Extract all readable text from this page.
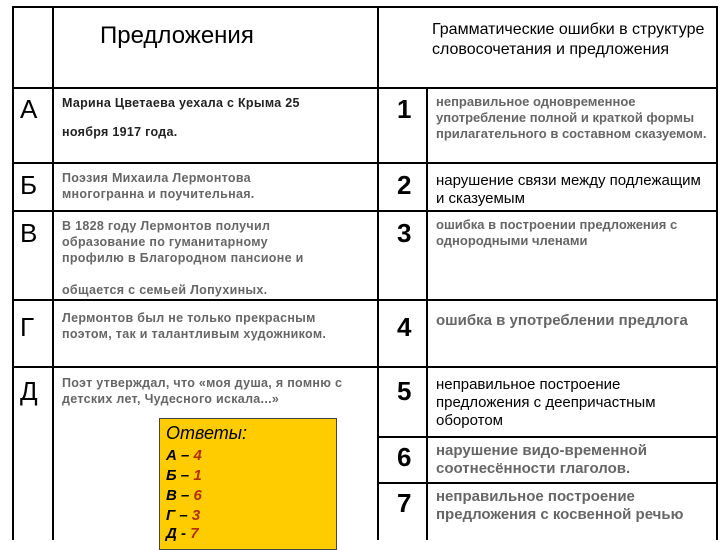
Предложения	Грамматические ошибки в структуре словосочетания и предложения
А
Б
В
Г
Д
Марина Цветаева уехала с Крыма 25
ноября 1917 года.
Поэзия Михаила Лермонтова многогранна и поучительная.
В 1828 году Лермонтов получил образование по гуманитарному профилю в Благородном пансионе и
общается с семьей Лопухиных.
Лермонтов был не только прекрасным поэтом, так и талантливым художником.
Поэт утверждал, что «моя душа, я помню с детских лет, Чудесного искала...»
1
2
3
4
5
6
7
неправильное одновременное употребление полной и краткой формы прилагательного в составном сказуемом.
нарушение связи между подлежащим и сказуемым
ошибка в построении предложения с однородными членами
ошибка в употреблении предлога
неправильное построение предложения с деепричастным оборотом
нарушение видо-временной соотнесённости глаголов.
неправильное построение предложения с косвенной речью
Ответы:
А – 4
Б – 1
В – 6
Г – 3
Д - 7
